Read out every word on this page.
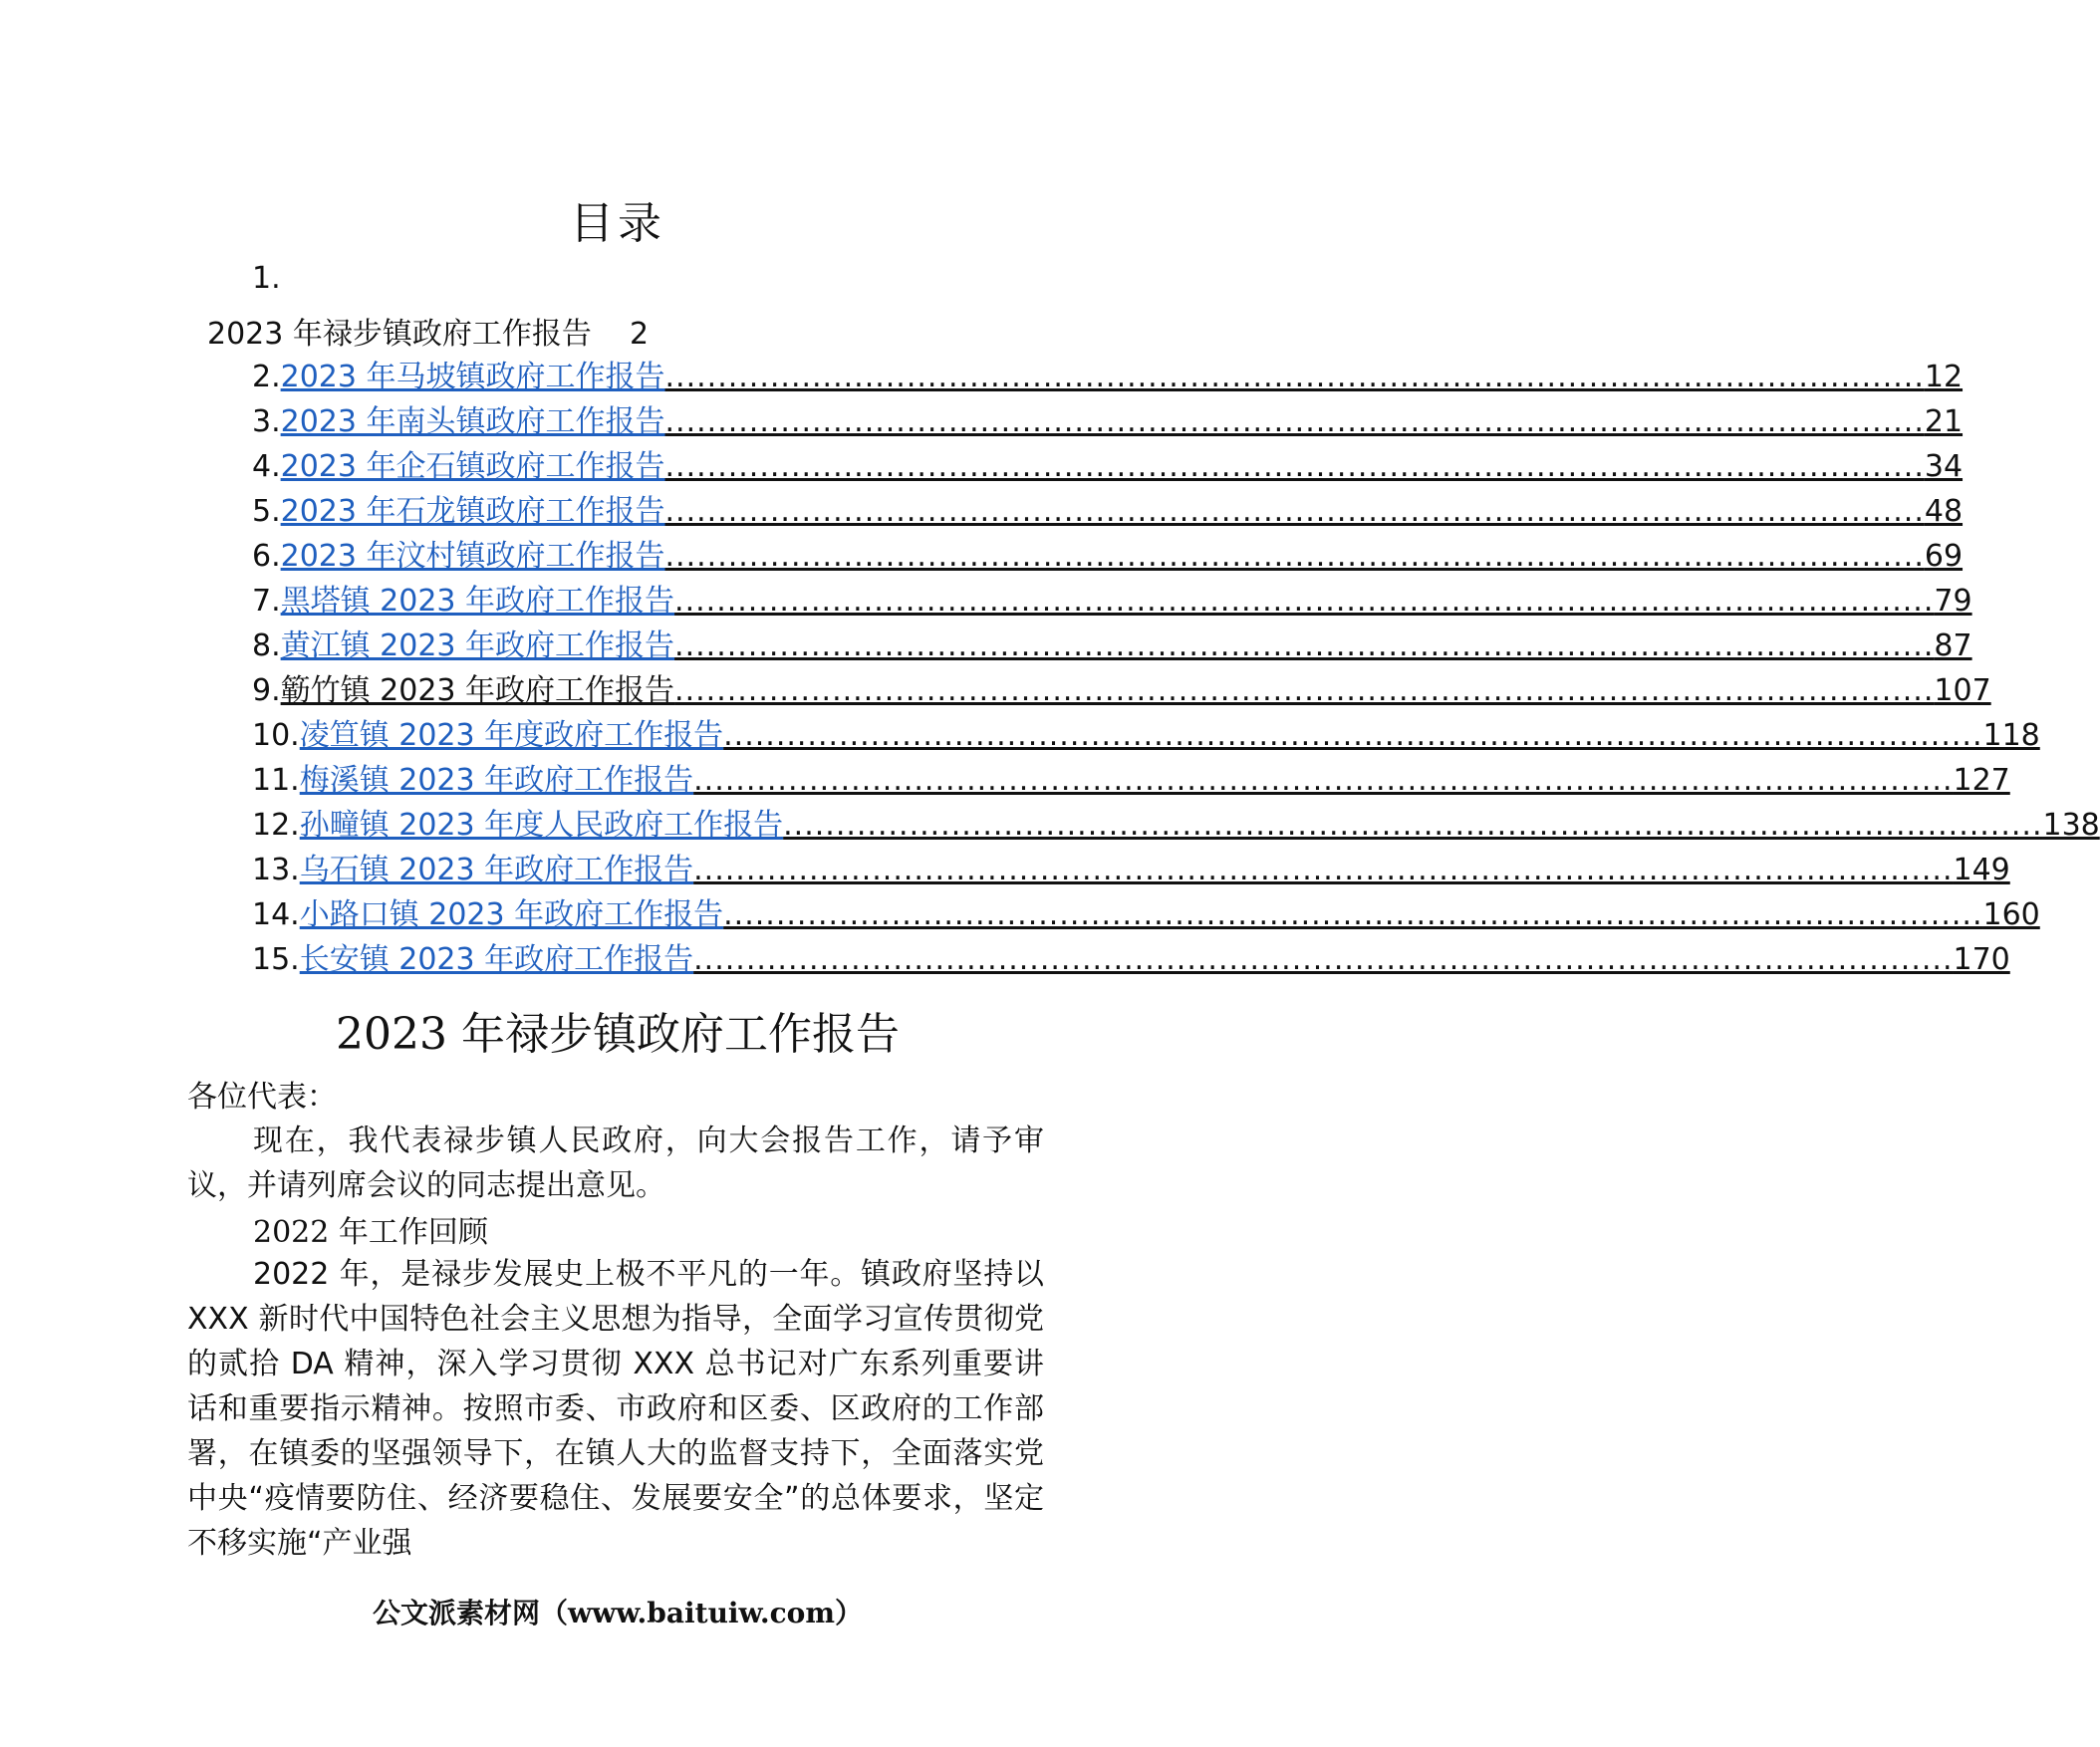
目录
1.
2023 年禄步镇政府工作报告    2
2. 2023 年马坡镇政府工作报告 ........................................................................................................................ 12
3. 2023 年南头镇政府工作报告 ........................................................................................................................ 21
4. 2023 年企石镇政府工作报告 ........................................................................................................................ 34
5. 2023 年石龙镇政府工作报告 ........................................................................................................................ 48
6. 2023 年汶村镇政府工作报告 ........................................................................................................................ 69
7. 黑塔镇 2023 年政府工作报告 ........................................................................................................................ 79
8. 黄江镇 2023 年政府工作报告 ........................................................................................................................ 87
9. 簕竹镇 2023 年政府工作报告 ........................................................................................................................ 107
10. 凌笪镇 2023 年度政府工作报告 ........................................................................................................................ 118
11. 梅溪镇 2023 年政府工作报告 ........................................................................................................................ 127
12. 孙疃镇 2023 年度人民政府工作报告 ........................................................................................................................ 138
13. 乌石镇 2023 年政府工作报告 ........................................................................................................................ 149
14. 小路口镇 2023 年政府工作报告 ........................................................................................................................ 160
15. 长安镇 2023 年政府工作报告 ........................................................................................................................ 170
2023 年禄步镇政府工作报告
各位代表：

现在，我代表禄步镇人民政府，向大会报告工作，请予审议，并请列席会议的同志提出意见。

2022 年工作回顾

2022 年，是禄步发展史上极不平凡的一年。镇政府坚持以 XXX 新时代中国特色社会主义思想为指导，全面学习宣传贯彻党的贰拾 DA 精神，深入学习贯彻 XXX 总书记对广东系列重要讲话和重要指示精神。按照市委、市政府和区委、区政府的工作部署，在镇委的坚强领导下，在镇人大的监督支持下，全面落实党中央“疫情要防住、经济要稳住、发展要安全”的总体要求，坚定不移实施“产业强

公文派素材网（www.baituiw.com）
